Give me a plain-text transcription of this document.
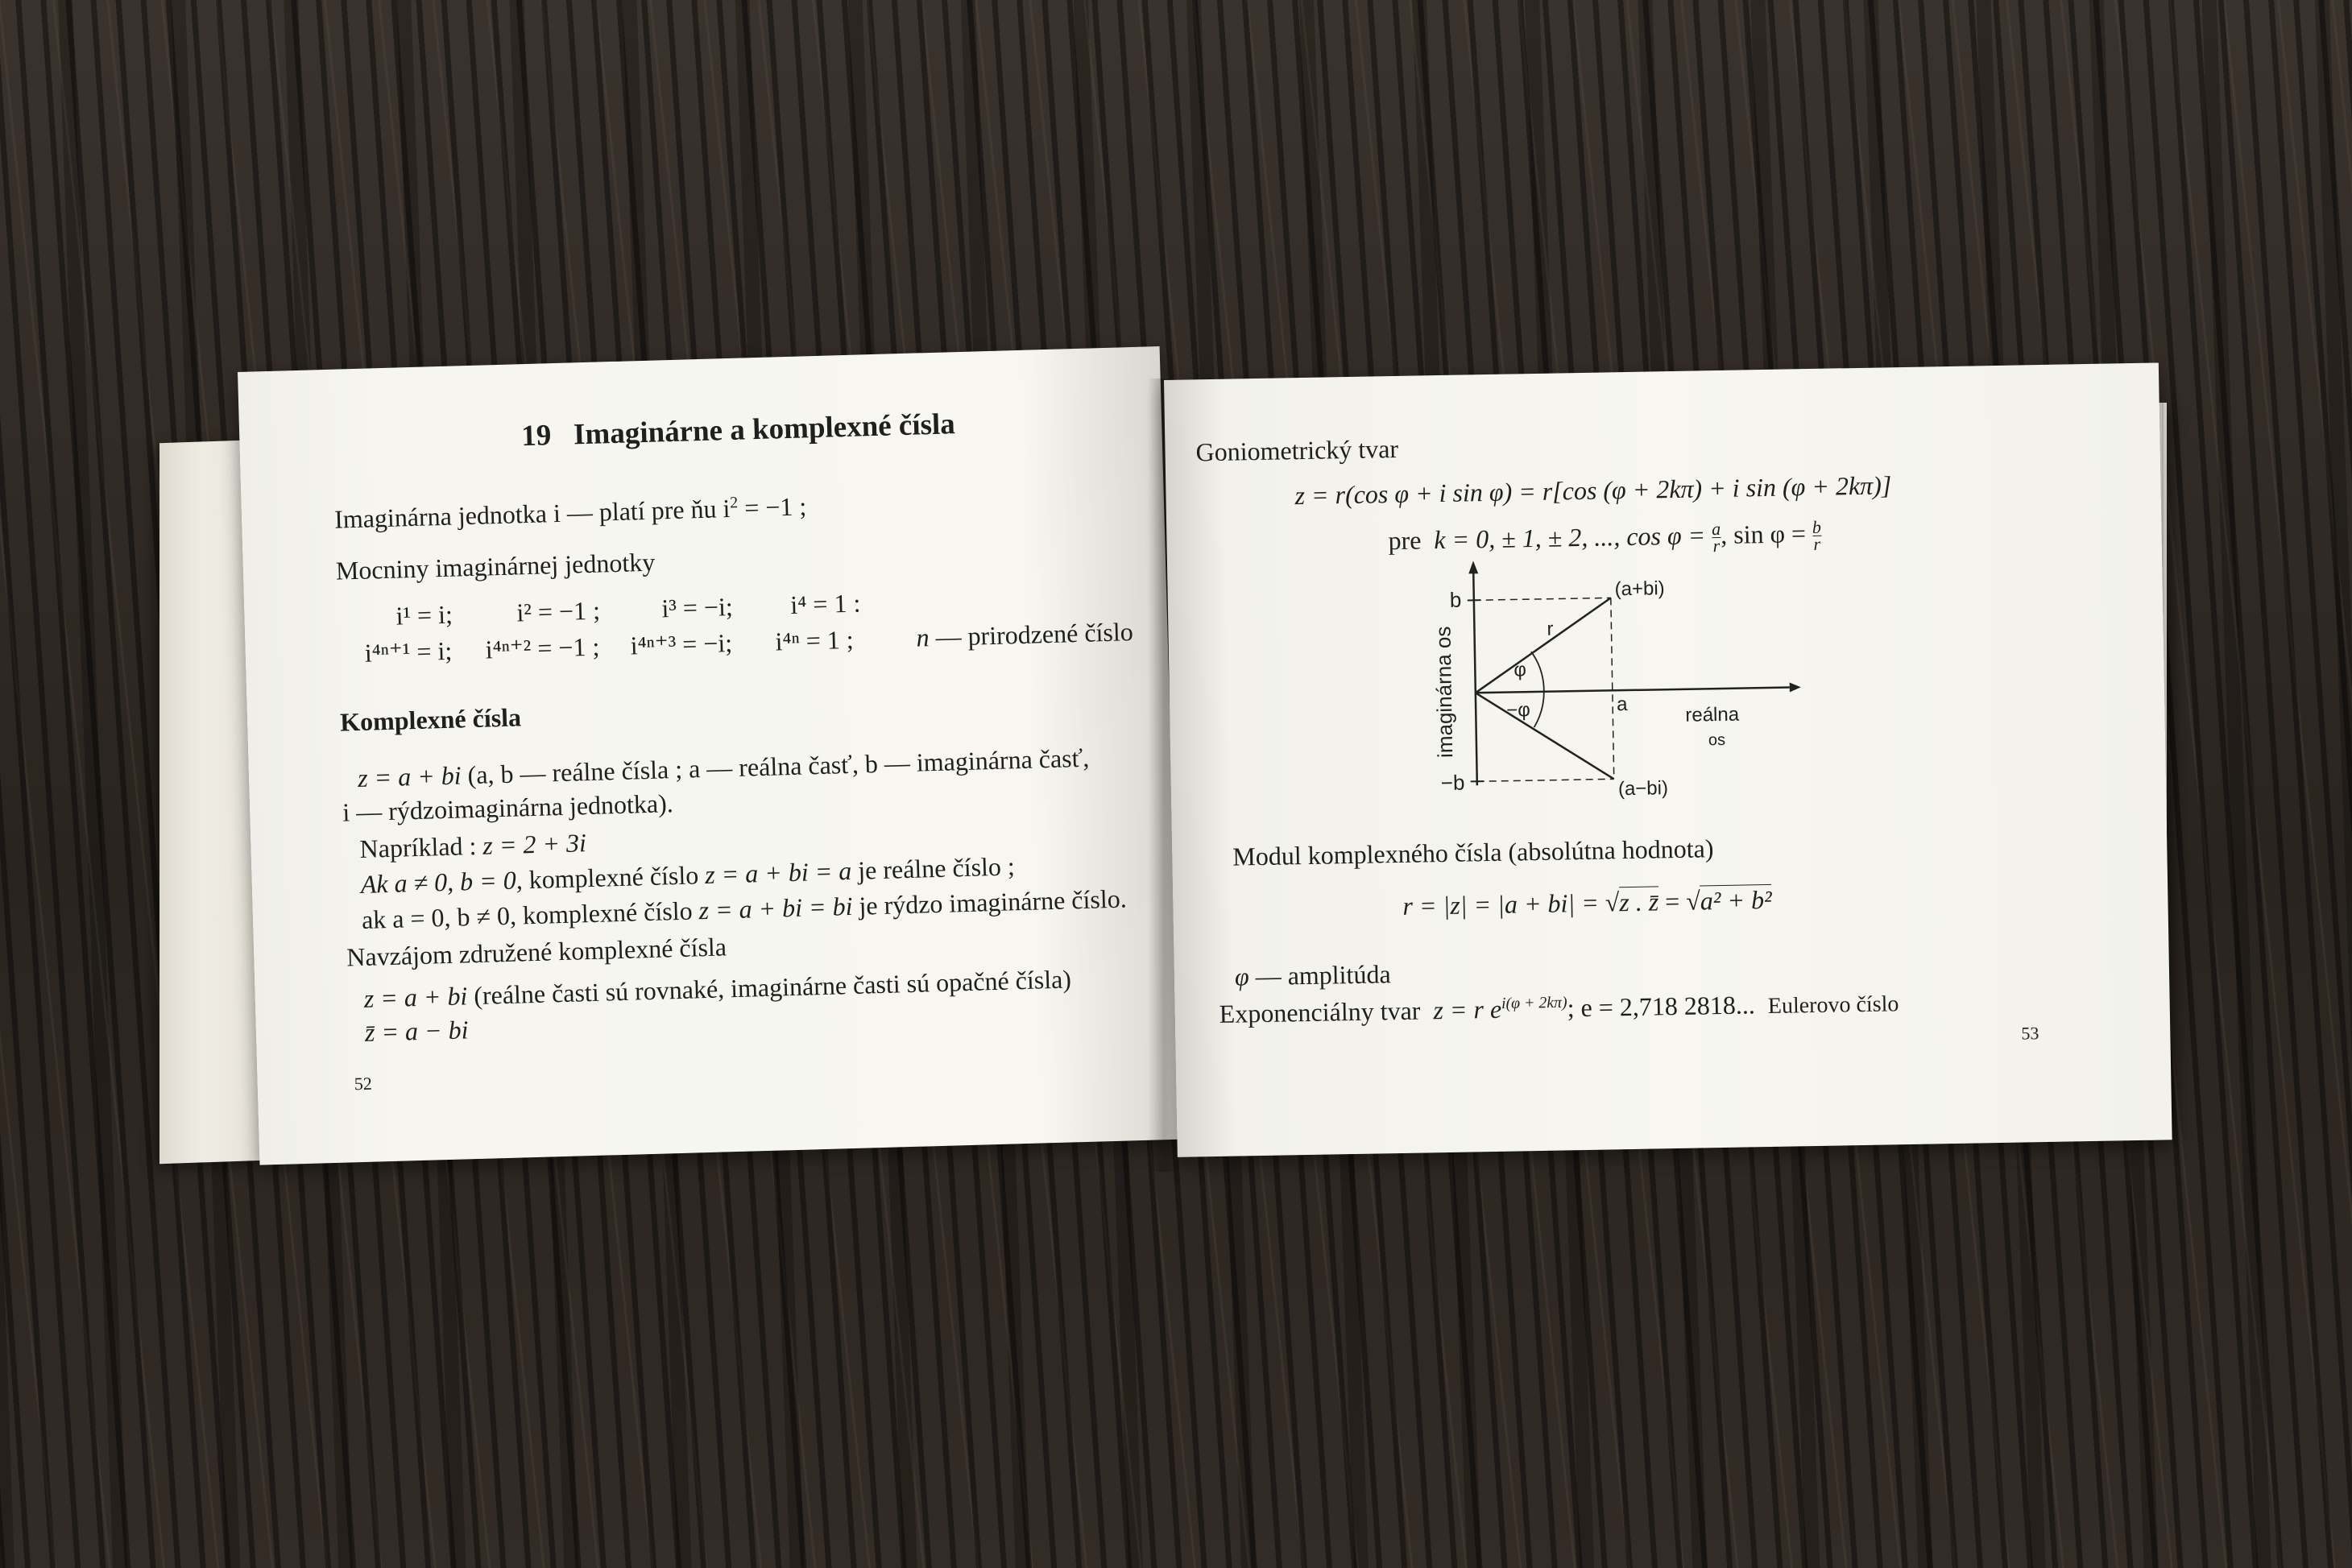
19 Imaginárne a komplexné čísla
Imaginárna jednotka i — platí pre ňu $i^2 = -1$ ;
Mocniny imaginárnej jednotky
i¹ = i; i² = −1 ; i³ = −i; i⁴ = 1 :
i⁴ⁿ⁺¹ = i; i⁴ⁿ⁺² = −1 ; i⁴ⁿ⁺³ = −i; i⁴ⁿ = 1 ; n — prirodzené číslo
Komplexné čísla
z = a + bi (a, b — reálne čísla ; a — reálna časť, b — imaginárna časť,
i — rýdzoimaginárna jednotka).
Napríklad : z = 2 + 3i
Ak a ≠ 0, b = 0, komplexné číslo z = a + bi = a je reálne číslo ;
ak a = 0, b ≠ 0, komplexné číslo z = a + bi = bi je rýdzo imaginárne číslo.
Navzájom združené komplexné čísla
z = a + bi (reálne časti sú rovnaké, imaginárne časti sú opačné čísla)
z̄ = a − bi
52
Goniometrický tvar
z = r(cos φ + i sin φ) = r[cos (φ + 2kπ) + i sin (φ + 2kπ)]
pre k = 0, ± 1, ± 2, ..., $\cos \varphi = \frac{a}{r}$ , $\sin \varphi = \frac{b}{r}$
b
−b
a
r
φ
−φ
(a+bi)
(a−bi)
reálna
os
imaginárna os
Modul komplexného čísla (absolútna hodnota)
r = |z| = |a + bi| = √z . z̄ = √a² + b²
φ — amplitúda
Exponenciálny tvar  z = r $e^{i(\varphi + 2k\pi)}$; e = 2,718 2818... Eulerovo číslo
53
